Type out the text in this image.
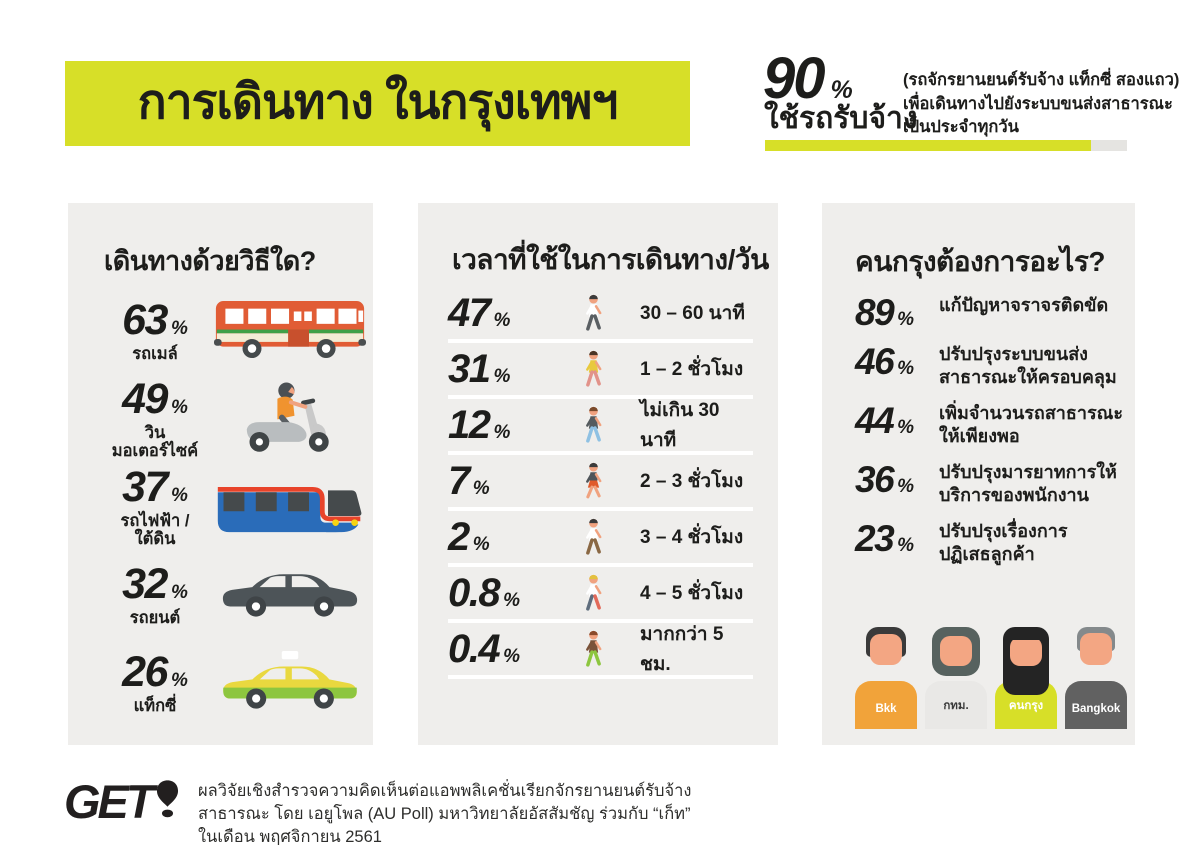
การเดินทาง ในกรุงเทพฯ	90 %
ใช้รถรับจ้าง
(รถจักรยานยนต์รับจ้าง แท็กซี่ สองแถว)
เพื่อเดินทางไปยังระบบขนส่งสาธารณะ
เป็นประจำทุกวัน
เดินทางด้วยวิธีใด?
63 %
รถเมล์
49 %
วินมอเตอร์ไซค์
37 %
รถไฟฟ้า / ใต้ดิน
32 %
รถยนต์
26 %
แท็กซี่
เวลาที่ใช้ในการเดินทาง/วัน
47 %	30 – 60 นาที
31 %	1 – 2 ชั่วโมง
12 %
ไม่เกิน 30 นาที
7 %	2 – 3 ชั่วโมง
2 %	3 – 4 ชั่วโมง
0.8 %	4 – 5 ชั่วโมง
0.4 %
มากกว่า 5 ชม.
คนกรุงต้องการอะไร?
89 %
แก้ปัญหาจราจรติดขัด
46 %
ปรับปรุงระบบขนส่ง
สาธารณะให้ครอบคลุม
44 %
เพิ่มจำนวนรถสาธารณะ
ให้เพียงพอ
36 %
ปรับปรุงมารยาทการให้
บริการของพนักงาน
23 %
ปรับปรุงเรื่องการ
ปฏิเสธลูกค้า
Bkk	กทม.	คนกรุง	Bangkok
GET	ผลวิจัยเชิงสำรวจความคิดเห็นต่อแอพพลิเคชั่นเรียกจักรยานยนต์รับจ้าง
สาธารณะ โดย เอยูโพล (AU Poll) มหาวิทยาลัยอัสสัมชัญ ร่วมกับ “เก็ท”
ในเดือน พฤศจิกายน 2561
